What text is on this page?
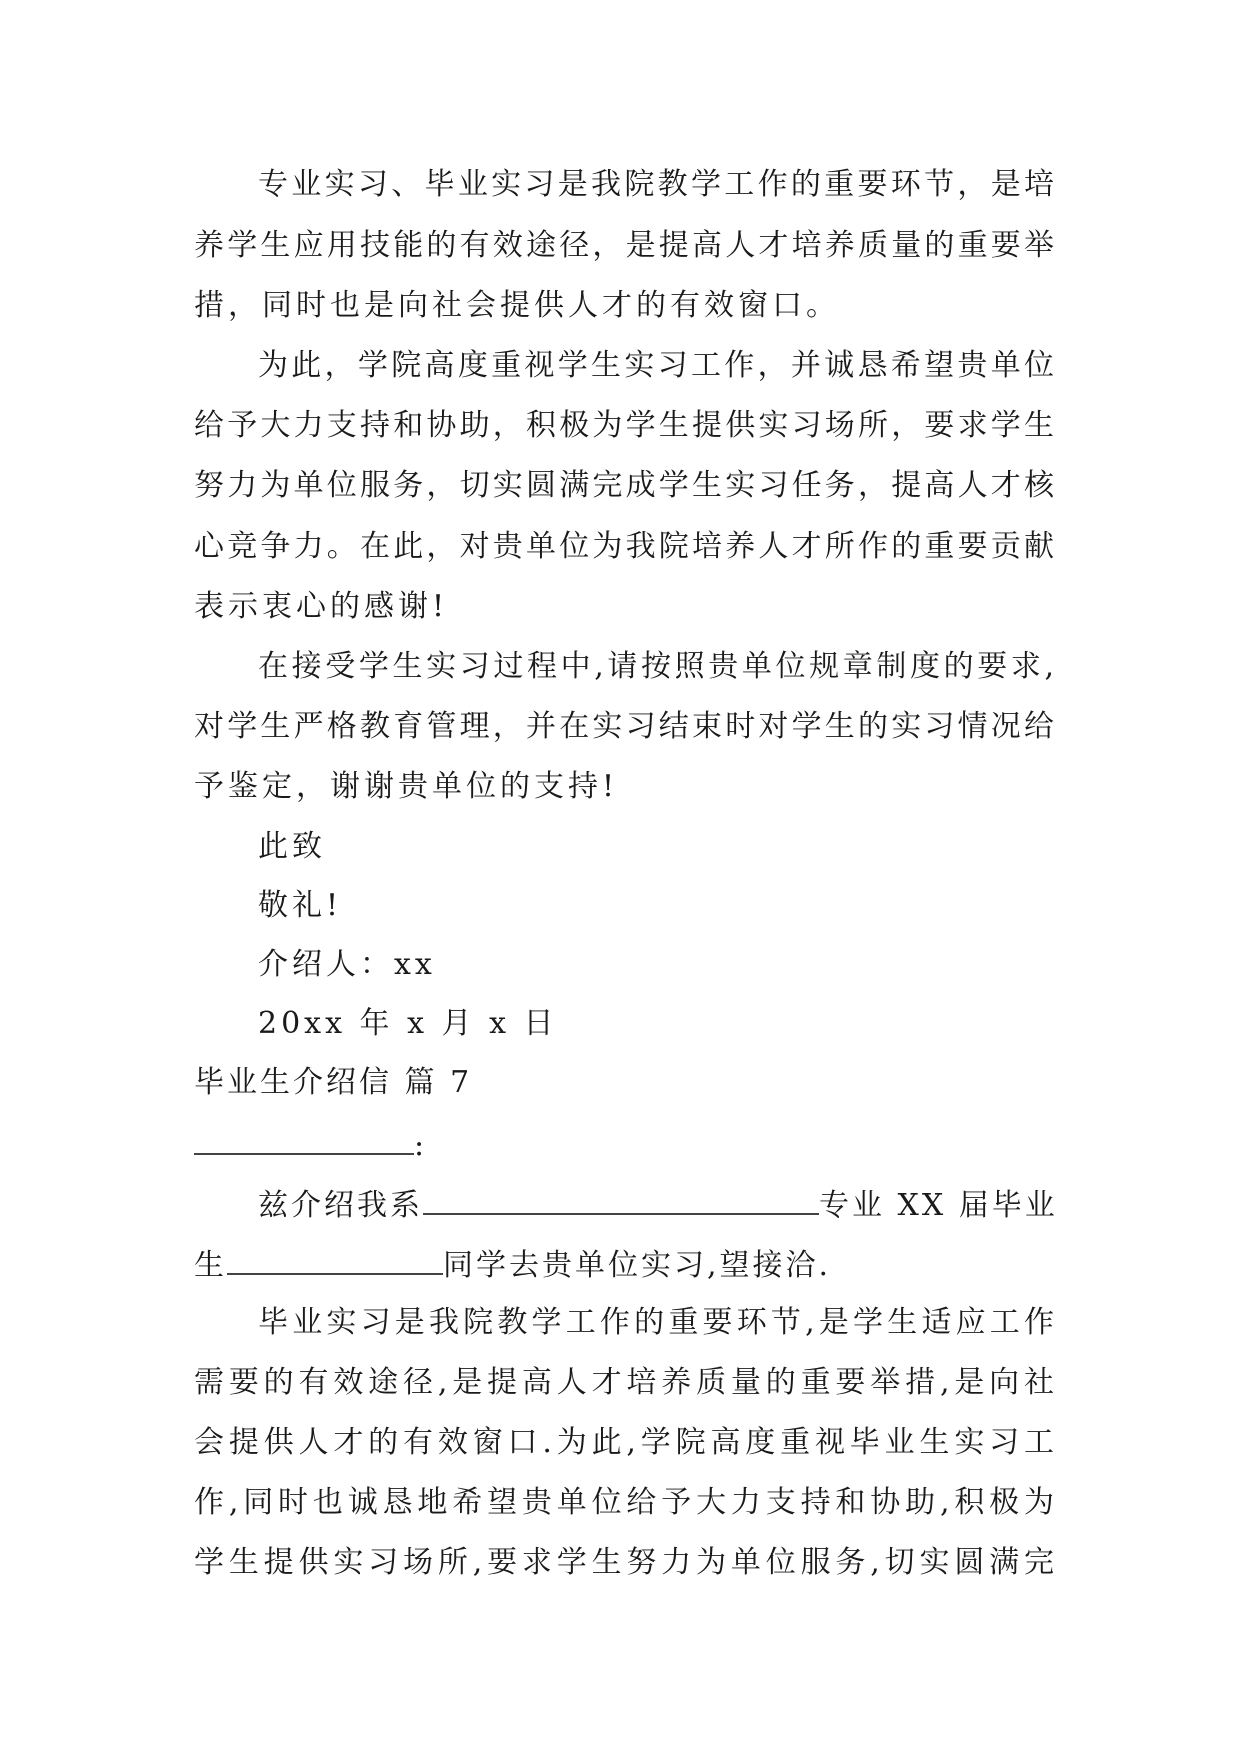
专业实习、毕业实习是我院教学工作的重要环节，是培
养学生应用技能的有效途径，是提高人才培养质量的重要举
措，同时也是向社会提供人才的有效窗口。
为此，学院高度重视学生实习工作，并诚恳希望贵单位
给予大力支持和协助，积极为学生提供实习场所，要求学生
努力为单位服务，切实圆满完成学生实习任务，提高人才核
心竞争力。在此，对贵单位为我院培养人才所作的重要贡献
表示衷心的感谢!
在接受学生实习过程中,请按照贵单位规章制度的要求,
对学生严格教育管理，并在实习结束时对学生的实习情况给
予鉴定，谢谢贵单位的支持!
此致
敬礼!
介绍人：xx
20xx 年 x 月 x 日
毕业生介绍信 篇 7
:
兹介绍我系	专业 XX 届毕业
生	同学去贵单位实习,望接洽.
毕业实习是我院教学工作的重要环节,是学生适应工作
需要的有效途径,是提高人才培养质量的重要举措,是向社
会提供人才的有效窗口.为此,学院高度重视毕业生实习工
作,同时也诚恳地希望贵单位给予大力支持和协助,积极为
学生提供实习场所,要求学生努力为单位服务,切实圆满完
